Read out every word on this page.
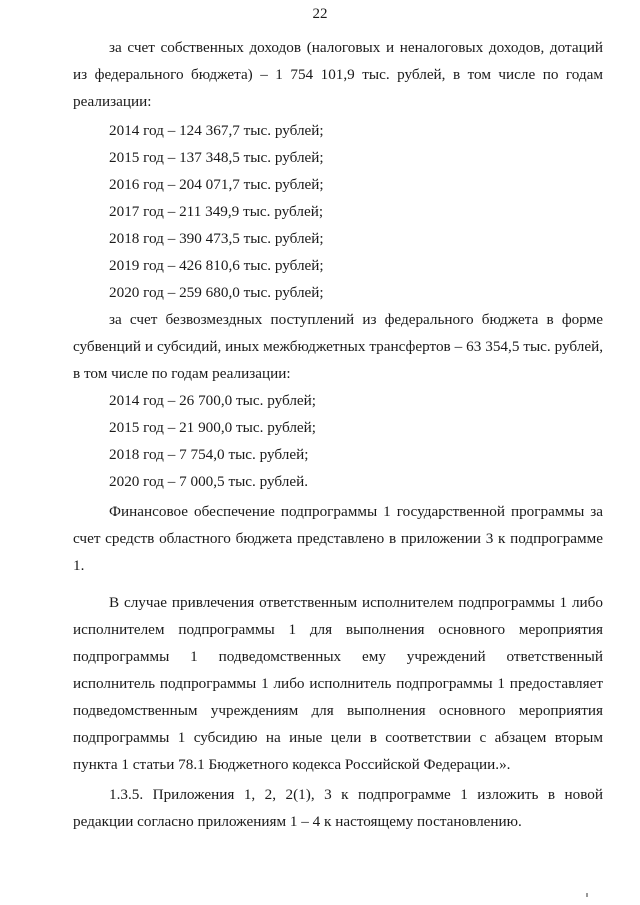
22

за счет собственных доходов (налоговых и неналоговых доходов, дотаций из федерального бюджета) – 1 754 101,9 тыс. рублей, в том числе по годам реализации:

2014 год – 124 367,7 тыс. рублей;

2015 год – 137 348,5 тыс. рублей;

2016 год – 204 071,7 тыс. рублей;

2017 год – 211 349,9 тыс. рублей;

2018 год – 390 473,5 тыс. рублей;

2019 год – 426 810,6 тыс. рублей;

2020 год – 259 680,0 тыс. рублей;

за счет безвозмездных поступлений из федерального бюджета в форме субвенций и субсидий, иных межбюджетных трансфертов – 63 354,5 тыс. рублей, в том числе по годам реализации:

2014 год – 26 700,0 тыс. рублей;

2015 год – 21 900,0 тыс. рублей;

2018 год – 7 754,0 тыс. рублей;

2020 год – 7 000,5 тыс. рублей.

Финансовое обеспечение подпрограммы 1 государственной программы за счет средств областного бюджета представлено в приложении 3 к подпрограмме 1.

В случае привлечения ответственным исполнителем подпрограммы 1 либо исполнителем подпрограммы 1 для выполнения основного мероприятия подпрограммы 1 подведомственных ему учреждений ответственный исполнитель подпрограммы 1 либо исполнитель подпрограммы 1 предоставляет подведомственным учреждениям для выполнения основного мероприятия подпрограммы 1 субсидию на иные цели в соответствии с абзацем вторым пункта 1 статьи 78.1 Бюджетного кодекса Российской Федерации.».

1.3.5. Приложения 1, 2, 2(1), 3 к подпрограмме 1 изложить в новой редакции согласно приложениям 1 – 4 к настоящему постановлению.
